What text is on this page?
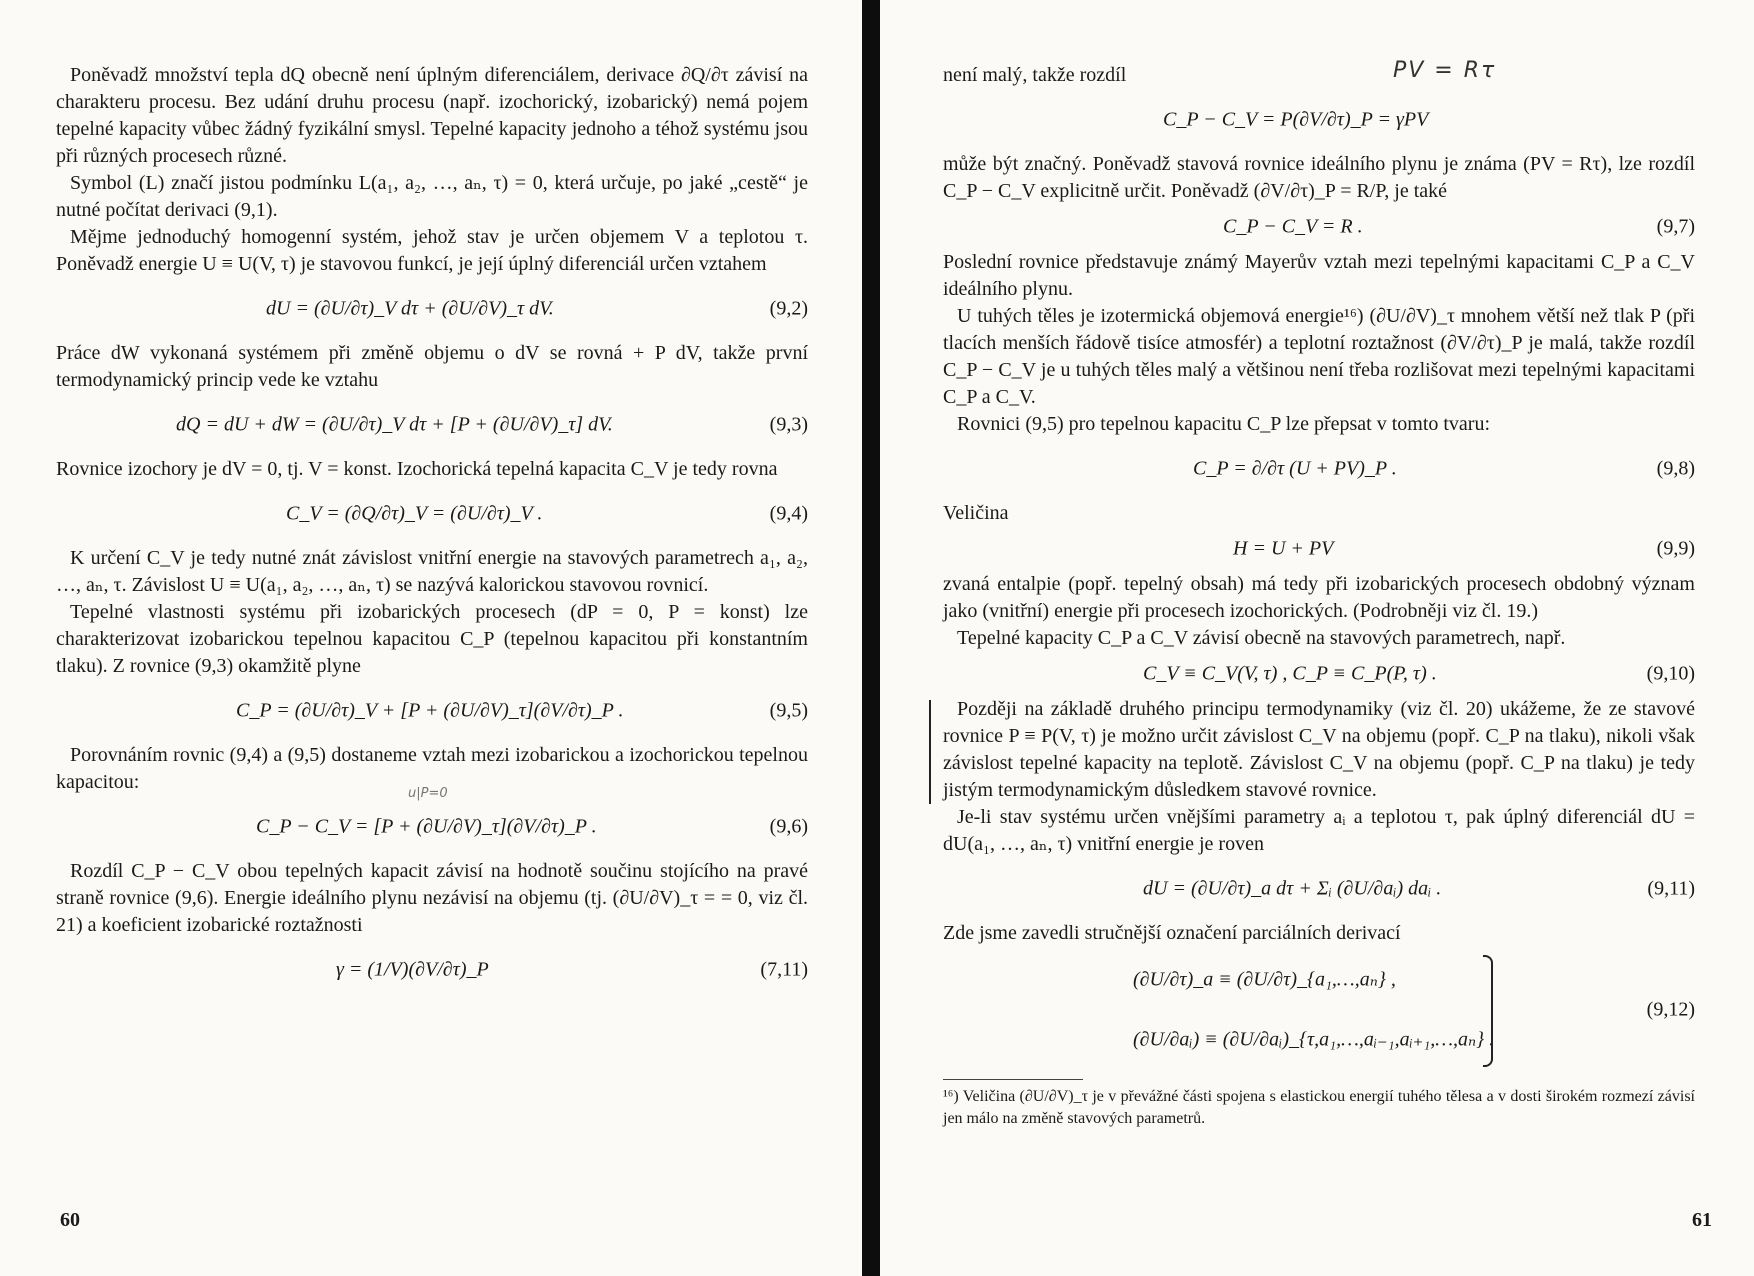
Poněvadž množství tepla dQ obecně není úplným diferenciálem, derivace ∂Q/∂τ závisí na charakteru procesu. Bez udání druhu procesu (např. izochorický, izobarický) nemá pojem tepelné kapacity vůbec žádný fyzikální smysl. Tepelné kapacity jednoho a téhož systému jsou při různých procesech různé.

Symbol (L) značí jistou podmínku L(a₁, a₂, …, aₙ, τ) = 0, která určuje, po jaké „cestě“ je nutné počítat derivaci (9,1).

Mějme jednoduchý homogenní systém, jehož stav je určen objemem V a teplotou τ. Poněvadž energie U ≡ U(V, τ) je stavovou funkcí, je její úplný diferenciál určen vztahem

dU = (∂U/∂τ)_V dτ + (∂U/∂V)_τ dV.	(9,2)

Práce dW vykonaná systémem při změně objemu o dV se rovná + P dV, takže první termodynamický princip vede ke vztahu

dQ = dU + dW = (∂U/∂τ)_V dτ + [P + (∂U/∂V)_τ] dV.	(9,3)

Rovnice izochory je dV = 0, tj. V = konst. Izochorická tepelná kapacita C_V je tedy rovna

C_V = (∂Q/∂τ)_V = (∂U/∂τ)_V .	(9,4)

K určení C_V je tedy nutné znát závislost vnitřní energie na stavových parametrech a₁, a₂, …, aₙ, τ. Závislost U ≡ U(a₁, a₂, …, aₙ, τ) se nazývá kalorickou stavovou rovnicí.

Tepelné vlastnosti systému při izobarických procesech (dP = 0, P = konst) lze charakterizovat izobarickou tepelnou kapacitou C_P (tepelnou kapacitou při konstantním tlaku). Z rovnice (9,3) okamžitě plyne

C_P = (∂U/∂τ)_V + [P + (∂U/∂V)_τ](∂V/∂τ)_P .	(9,5)

Porovnáním rovnic (9,4) a (9,5) dostaneme vztah mezi izobarickou a izochorickou tepelnou kapacitou:

u|P=0
C_P − C_V = [P + (∂U/∂V)_τ](∂V/∂τ)_P .	(9,6)

Rozdíl C_P − C_V obou tepelných kapacit závisí na hodnotě součinu stojícího na pravé straně rovnice (9,6). Energie ideálního plynu nezávisí na objemu (tj. (∂U/∂V)_τ = = 0, viz čl. 21) a koeficient izobarické roztažnosti

γ = (1/V)(∂V/∂τ)_P	(7,11)
60

není malý, takže rozdíl	PV = Rτ
C_P − C_V = P(∂V/∂τ)_P = γPV

může být značný. Poněvadž stavová rovnice ideálního plynu je známa (PV = Rτ), lze rozdíl C_P − C_V explicitně určit. Poněvadž (∂V/∂τ)_P = R/P, je také

C_P − C_V = R .	(9,7)

Poslední rovnice představuje známý Mayerův vztah mezi tepelnými kapacitami C_P a C_V ideálního plynu.

U tuhých těles je izotermická objemová energie¹⁶) (∂U/∂V)_τ mnohem větší než tlak P (při tlacích menších řádově tisíce atmosfér) a teplotní roztažnost (∂V/∂τ)_P je malá, takže rozdíl C_P − C_V je u tuhých těles malý a většinou není třeba rozlišovat mezi tepelnými kapacitami C_P a C_V.

Rovnici (9,5) pro tepelnou kapacitu C_P lze přepsat v tomto tvaru:

C_P = ∂/∂τ (U + PV)_P .	(9,8)

Veličina

H = U + PV	(9,9)

zvaná entalpie (popř. tepelný obsah) má tedy při izobarických procesech obdobný význam jako (vnitřní) energie při procesech izochorických. (Podrobněji viz čl. 19.)

Tepelné kapacity C_P a C_V závisí obecně na stavových parametrech, např.

C_V ≡ C_V(V, τ) , C_P ≡ C_P(P, τ) .	(9,10)

Později na základě druhého principu termodynamiky (viz čl. 20) ukážeme, že ze stavové rovnice P ≡ P(V, τ) je možno určit závislost C_V na objemu (popř. C_P na tlaku), nikoli však závislost tepelné kapacity na teplotě. Závislost C_V na objemu (popř. C_P na tlaku) je tedy jistým termodynamickým důsledkem stavové rovnice.

Je-li stav systému určen vnějšími parametry aᵢ a teplotou τ, pak úplný diferenciál dU = dU(a₁, …, aₙ, τ) vnitřní energie je roven

dU = (∂U/∂τ)_a dτ + Σᵢ (∂U/∂aᵢ) daᵢ .	(9,11)

Zde jsme zavedli stručnější označení parciálních derivací

(∂U/∂τ)_a ≡ (∂U/∂τ)_{a₁,…,aₙ} ,
(∂U/∂aᵢ) ≡ (∂U/∂aᵢ)_{τ,a₁,…,aᵢ₋₁,aᵢ₊₁,…,aₙ} .
(9,12)

¹⁶) Veličina (∂U/∂V)_τ je v převážné části spojena s elastickou energií tuhého tělesa a v dosti širokém rozmezí závisí jen málo na změně stavových parametrů.

61
